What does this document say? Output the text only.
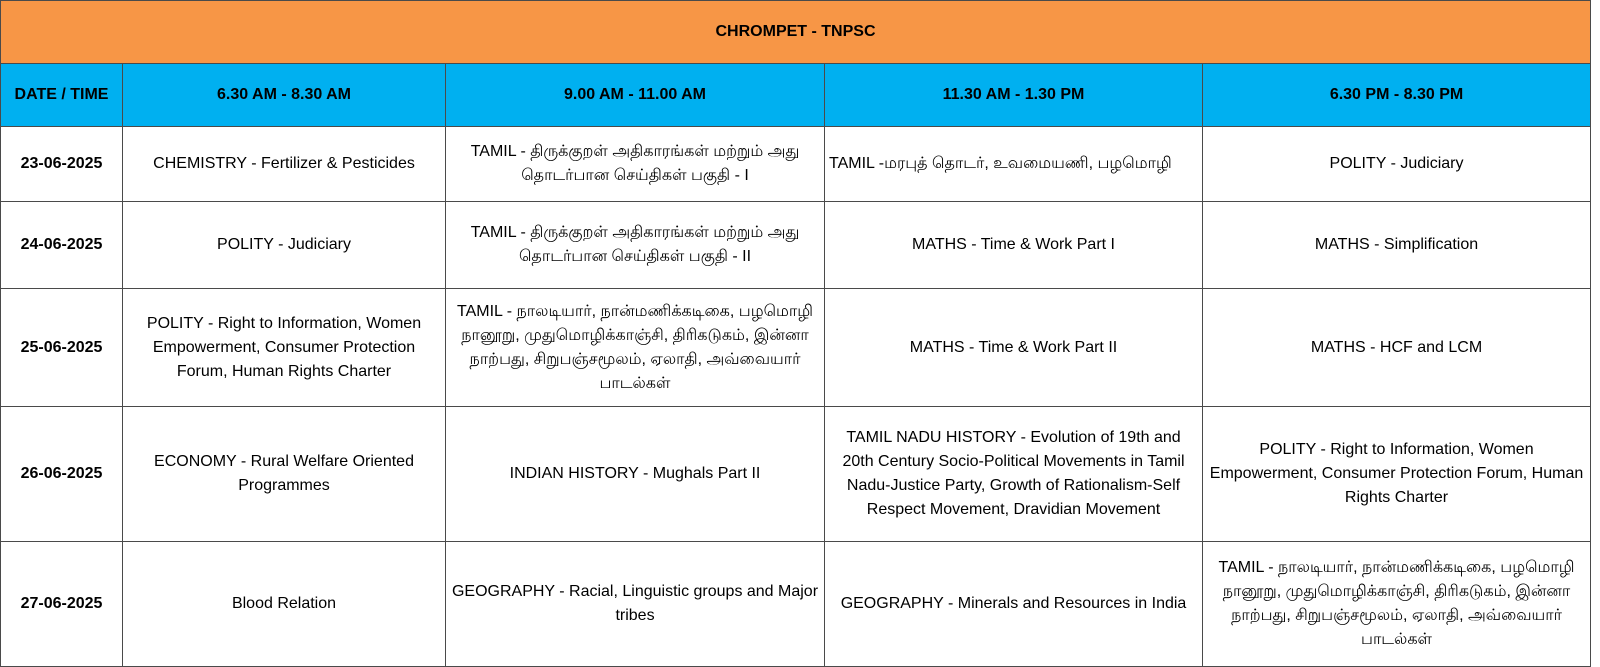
CHROMPET - TNPSC				
DATE / TIME	6.30 AM - 8.30 AM	9.00 AM - 11.00 AM	11.30 AM - 1.30 PM	6.30 PM - 8.30 PM
23-06-2025	CHEMISTRY - Fertilizer & Pesticides	TAMIL - திருக்குறள் அதிகாரங்கள் மற்றும் அது தொடர்பான செய்திகள் பகுதி - I	TAMIL -மரபுத் தொடர், உவமையணி, பழமொழி	POLITY - Judiciary
24-06-2025	POLITY - Judiciary	TAMIL - திருக்குறள் அதிகாரங்கள் மற்றும் அது தொடர்பான செய்திகள் பகுதி - II	MATHS - Time & Work Part I	MATHS - Simplification
25-06-2025	POLITY - Right to Information, Women Empowerment, Consumer Protection Forum, Human Rights Charter	TAMIL - நாலடியார், நான்மணிக்கடிகை, பழமொழி நானூறு, முதுமொழிக்காஞ்சி, திரிகடுகம், இன்னா நாற்பது, சிறுபஞ்சமூலம், ஏலாதி, அவ்வையார் பாடல்கள்	MATHS - Time & Work Part II	MATHS - HCF and LCM
26-06-2025	ECONOMY - Rural Welfare Oriented Programmes	INDIAN HISTORY - Mughals Part II	TAMIL NADU HISTORY - Evolution of 19th and 20th Century Socio-Political Movements in Tamil Nadu-Justice Party, Growth of Rationalism-Self Respect Movement, Dravidian Movement	POLITY - Right to Information, Women Empowerment, Consumer Protection Forum, Human Rights Charter
27-06-2025	Blood Relation	GEOGRAPHY - Racial, Linguistic groups and Major tribes	GEOGRAPHY - Minerals and Resources in India	TAMIL - நாலடியார், நான்மணிக்கடிகை, பழமொழி நானூறு, முதுமொழிக்காஞ்சி, திரிகடுகம், இன்னா நாற்பது, சிறுபஞ்சமூலம், ஏலாதி, அவ்வையார் பாடல்கள்
